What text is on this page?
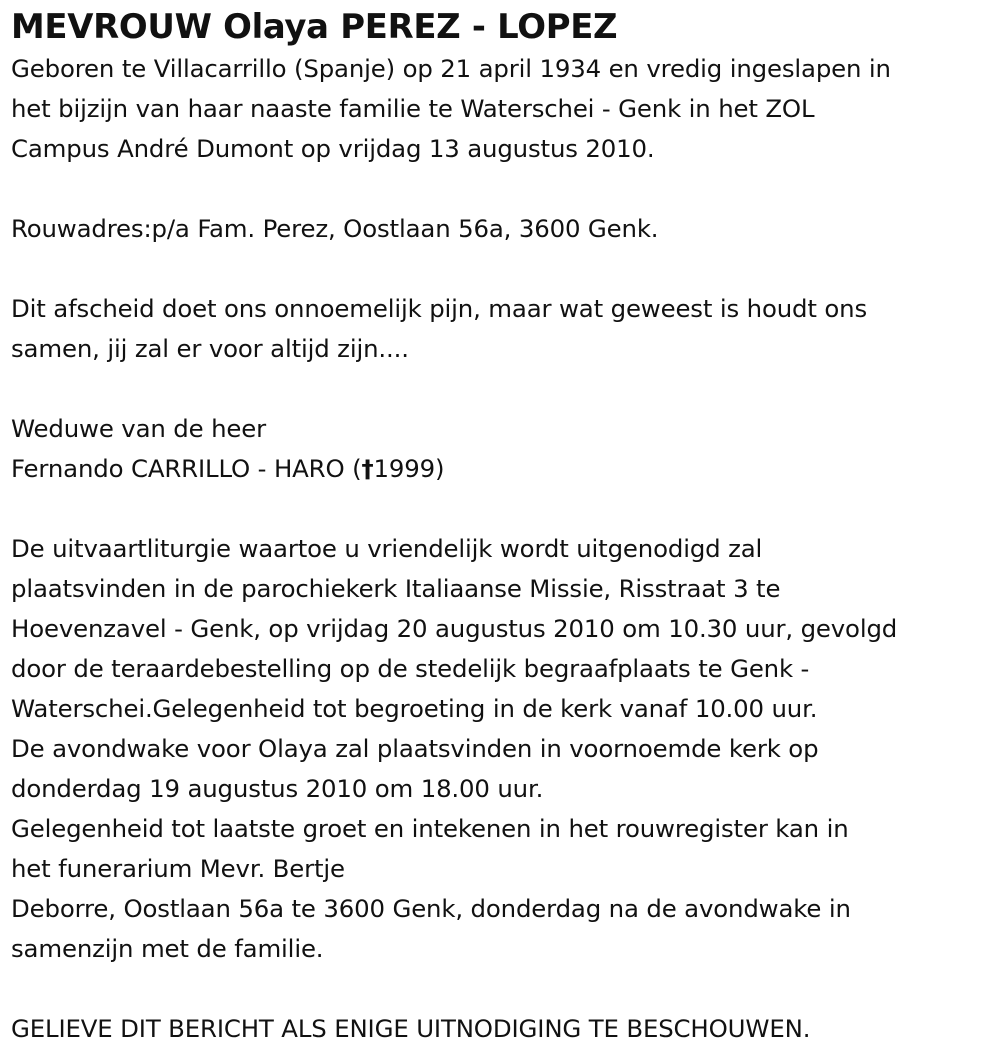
MEVROUW Olaya PEREZ - LOPEZ
Geboren te Villacarrillo (Spanje) op 21 april 1934 en vredig ingeslapen in
het bijzijn van haar naaste familie te Waterschei - Genk in het ZOL
Campus André Dumont op vrijdag 13 augustus 2010.
Rouwadres:p/a Fam. Perez, Oostlaan 56a, 3600 Genk.
Dit afscheid doet ons onnoemelijk pijn, maar wat geweest is houdt ons
samen, jij zal er voor altijd zijn....
Weduwe van de heer
Fernando CARRILLO - HARO (†1999)
De uitvaartliturgie waartoe u vriendelijk wordt uitgenodigd zal
plaatsvinden in de parochiekerk Italiaanse Missie, Risstraat 3 te
Hoevenzavel - Genk, op vrijdag 20 augustus 2010 om 10.30 uur, gevolgd
door de teraardebestelling op de stedelijk begraafplaats te Genk -
Waterschei.Gelegenheid tot begroeting in de kerk vanaf 10.00 uur.
De avondwake voor Olaya zal plaatsvinden in voornoemde kerk op
donderdag 19 augustus 2010 om 18.00 uur.
Gelegenheid tot laatste groet en intekenen in het rouwregister kan in
het funerarium Mevr. Bertje
Deborre, Oostlaan 56a te 3600 Genk, donderdag na de avondwake in
samenzijn met de familie.
GELIEVE DIT BERICHT ALS ENIGE UITNODIGING TE BESCHOUWEN.
